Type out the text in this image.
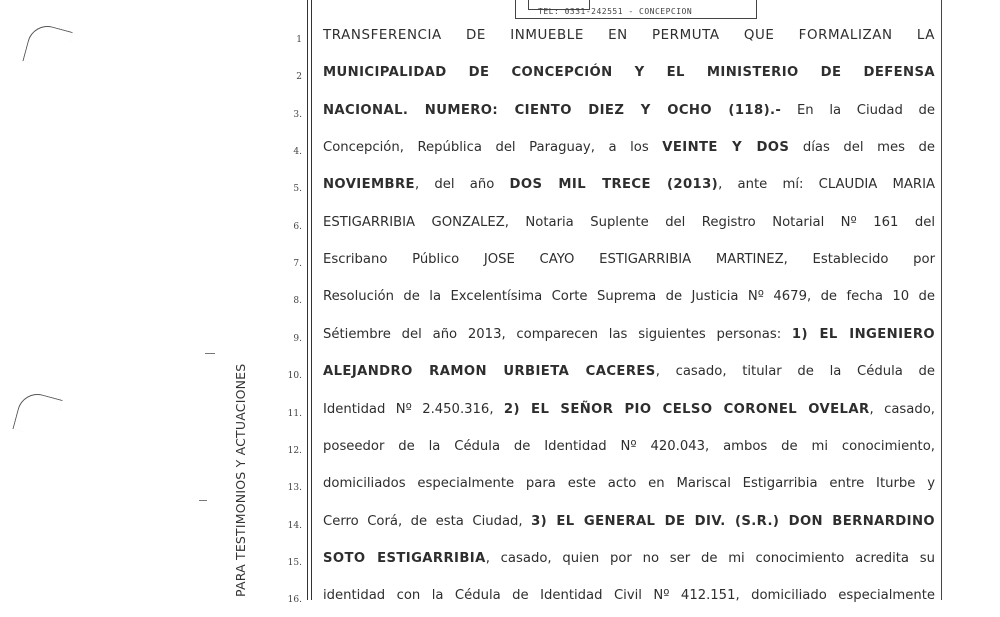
PARA TESTIMONIOS Y ACTUACIONES
TEL: 0331-242551 - CONCEPCION
1 TRANSFERENCIA DE INMUEBLE EN PERMUTA QUE FORMALIZAN LA
2 MUNICIPALIDAD DE CONCEPCIÓN Y EL MINISTERIO DE DEFENSA
3. NACIONAL. NUMERO: CIENTO DIEZ Y OCHO (118).- En la Ciudad de
4. Concepción, República del Paraguay, a los VEINTE Y DOS días del mes de
5. NOVIEMBRE, del año DOS MIL TRECE (2013), ante mí: CLAUDIA MARIA
6. ESTIGARRIBIA GONZALEZ, Notaria Suplente del Registro Notarial Nº 161 del
7. Escribano Público JOSE CAYO ESTIGARRIBIA MARTINEZ, Establecido por
8. Resolución de la Excelentísima Corte Suprema de Justicia Nº 4679, de fecha 10 de
9. Sétiembre del año 2013, comparecen las siguientes personas: 1) EL INGENIERO
10. ALEJANDRO RAMON URBIETA CACERES, casado, titular de la Cédula de
11. Identidad Nº 2.450.316, 2) EL SEÑOR PIO CELSO CORONEL OVELAR, casado,
12. poseedor de la Cédula de Identidad Nº 420.043, ambos de mi conocimiento,
13. domiciliados especialmente para este acto en Mariscal Estigarribia entre Iturbe y
14. Cerro Corá, de esta Ciudad, 3) EL GENERAL DE DIV. (S.R.) DON BERNARDINO
15. SOTO ESTIGARRIBIA, casado, quien por no ser de mi conocimiento acredita su
16. identidad con la Cédula de Identidad Civil Nº 412.151, domiciliado especialmente
